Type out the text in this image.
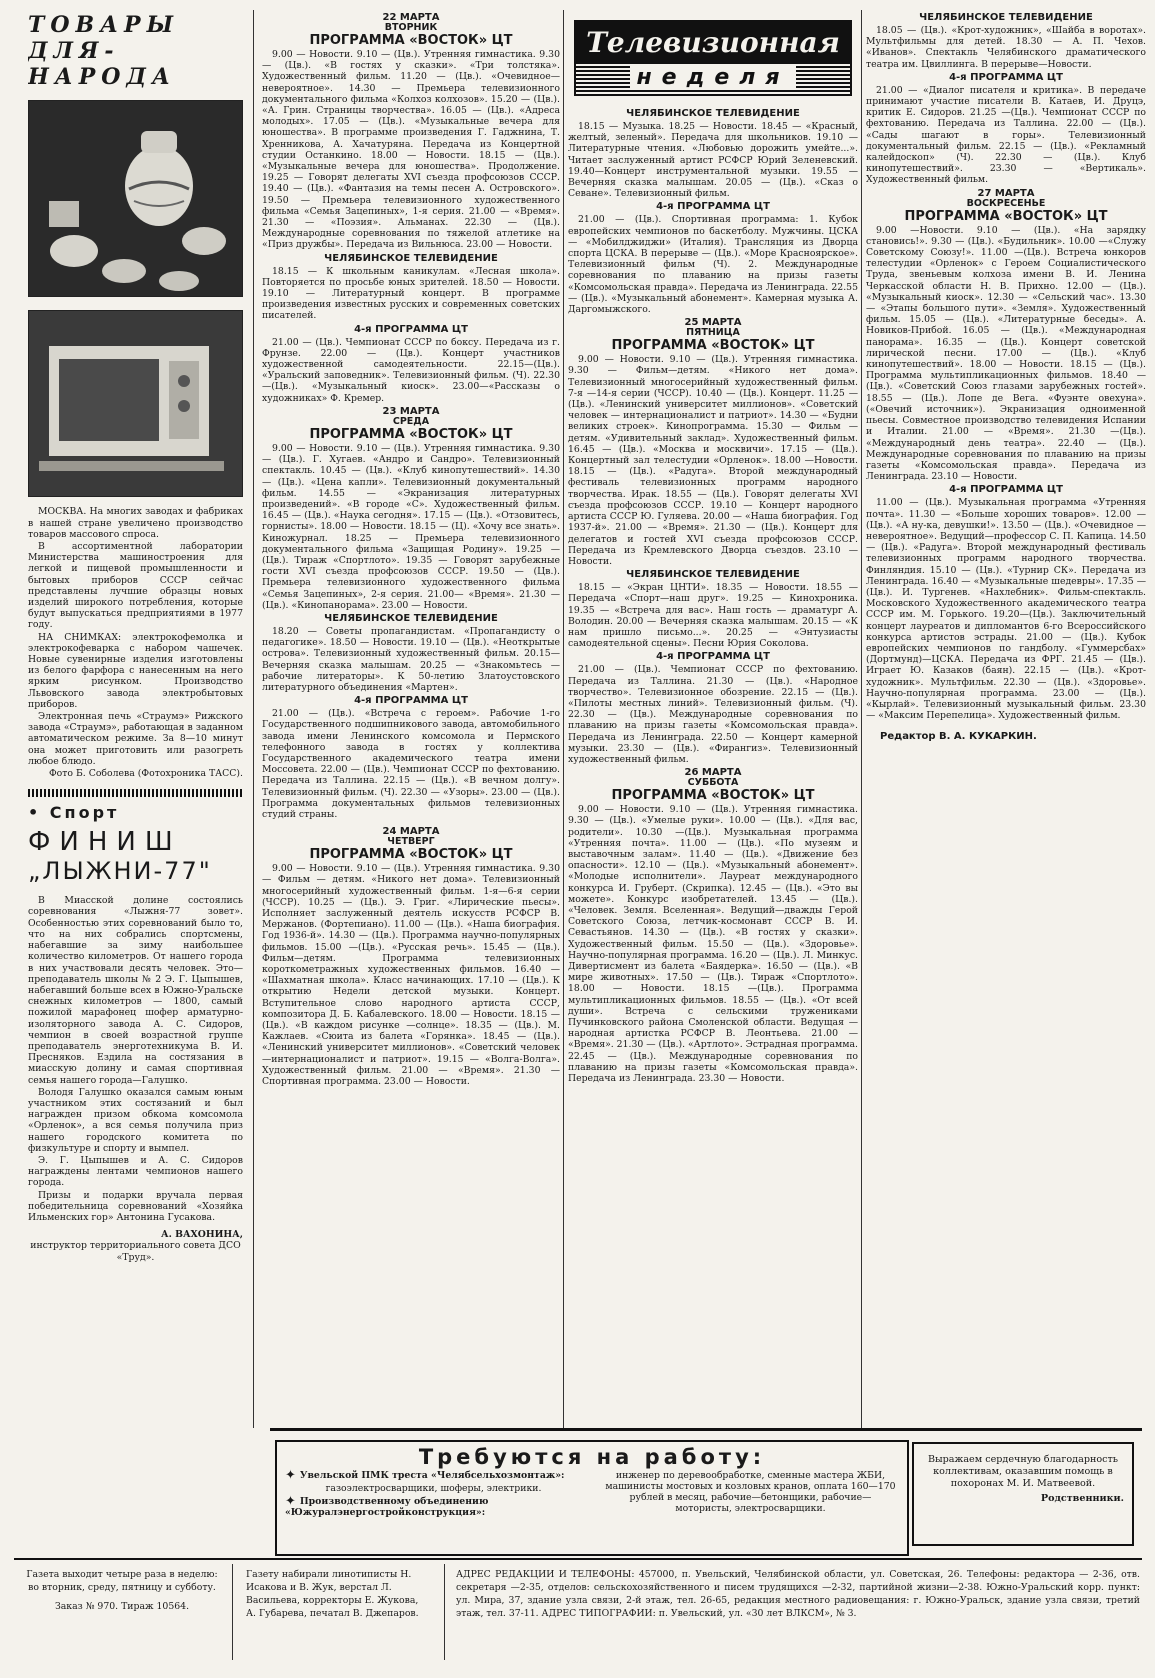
ТОВАРЫ
ДЛЯ- НАРОДА

МОСКВА. На многих заводах и фабриках в нашей стране увеличено производство товаров массового спроса.

В ассортиментной лаборатории Министерства машиностроения для легкой и пищевой промышленности и бытовых приборов СССР сейчас представлены лучшие образцы новых изделий широкого потребления, которые будут выпускаться предприятиями в 1977 году.

НА СНИМКАХ: электрокофемолка и электрокофеварка с набором чашечек. Новые сувенирные изделия изготовлены из белого фарфора с нанесенным на него ярким рисунком. Производство Львовского завода электробытовых приборов.

Электронная печь «Страумэ» Рижского завода «Страумэ», работающая в заданном автоматическом режиме. За 8—10 минут она может приготовить или разогреть любое блюдо.

Фото Б. Соболева (Фотохроника ТАСС).

• Спорт
ФИНИШ
„ЛЫЖНИ-77"

В Миасской долине состоялись соревнования «Лыжня-77 зовет». Особенностью этих соревнований было то, что на них собрались спортсмены, набегавшие за зиму наибольшее количество километров. От нашего города в них участвовали десять человек. Это—преподаватель школы № 2 Э. Г. Цыпышев, набегавший больше всех в Южно-Уральске снежных километров — 1800, самый пожилой марафонец шофер арматурно-изоляторного завода А. С. Сидоров, чемпион в своей возрастной группе преподаватель энерготехникума В. И. Пресняков. Ездила на состязания в миасскую долину и самая спортивная семья нашего города—Галушко.

Володя Галушко оказался самым юным участником этих состязаний и был награжден призом обкома комсомола «Орленок», а вся семья получила приз нашего городского комитета по физкультуре и спорту и вымпел.

Э. Г. Цыпышев и А. С. Сидоров награждены лентами чемпионов нашего города.

Призы и подарки вручала первая победительница соревнований «Хозяйка Ильменских гор» Антонина Гусакова.

А. ВАХОНИНА,
инструктор территориального совета ДСО «Труд».
22 МАРТА
ВТОРНИК
ПРОГРАММА «ВОСТОК» ЦТ

9.00 — Новости. 9.10 — (Цв.). Утренняя гимнастика. 9.30 — (Цв.). «В гостях у сказки». «Три толстяка». Художественный фильм. 11.20 — (Цв.). «Очевидное—невероятное». 14.30 — Премьера телевизионного документального фильма «Колхоз колхозов». 15.20 — (Цв.). «А. Грин. Страницы творчества». 16.05 — (Цв.). «Адреса молодых». 17.05 — (Цв.). «Музыкальные вечера для юношества». В программе произведения Г. Гаджнина, Т. Хренникова, А. Хачатуряна. Передача из Концертной студии Останкино. 18.00 — Новости. 18.15 — (Цв.). «Музыкальные вечера для юношества». Продолжение. 19.25 — Говорят делегаты XVI съезда профсоюзов СССР. 19.40 — (Цв.). «Фантазия на темы песен А. Островского». 19.50 — Премьера телевизионного художественного фильма «Семья Зацепиных», 1-я серия. 21.00 — «Время». 21.30 — «Поэзия». Альманах. 22.30 — (Цв.). Международные соревнования по тяжелой атлетике на «Приз дружбы». Передача из Вильнюса. 23.00 — Новости.

ЧЕЛЯБИНСКОЕ ТЕЛЕВИДЕНИЕ

18.15 — К школьным каникулам. «Лесная школа». Повторяется по просьбе юных зрителей. 18.50 — Новости. 19.10 — Литературный концерт. В программе произведения известных русских и современных советских писателей.

4-я ПРОГРАММА ЦТ

21.00 — (Цв.). Чемпионат СССР по боксу. Передача из г. Фрунзе. 22.00 — (Цв.). Концерт участников художественной самодеятельности. 22.15—(Цв.). «Уральский заповедник». Телевизионный фильм. (Ч). 22.30 —(Цв.). «Музыкальный киоск». 23.00—«Рассказы о художниках» Ф. Кремер.

23 МАРТА
СРЕДА
ПРОГРАММА «ВОСТОК» ЦТ

9.00 — Новости. 9.10 — (Цв.). Утренняя гимнастика. 9.30 — (Цв.). Г. Хугаев. «Андро и Сандро». Телевизионный спектакль. 10.45 — (Цв.). «Клуб кинопутешествий». 14.30 — (Цв.). «Цена капли». Телевизионный документальный фильм. 14.55 — «Экранизация литературных произведений». «В городе «С». Художественный фильм. 16.45 — (Цв.). «Наука сегодня». 17.15 — (Цв.). «Отзовитесь, горнисты». 18.00 — Новости. 18.15 — (Ц). «Хочу все знать». Киножурнал. 18.25 — Премьера телевизионного документального фильма «Защищая Родину». 19.25 — (Цв.). Тираж «Спортлото». 19.35 — Говорят зарубежные гости XVI съезда профсоюзов СССР. 19.50 — (Цв.). Премьера телевизионного художественного фильма «Семья Зацепиных», 2-я серия. 21.00— «Время». 21.30 — (Цв.). «Кинопанорама». 23.00 — Новости.

ЧЕЛЯБИНСКОЕ ТЕЛЕВИДЕНИЕ

18.20 — Советы пропагандистам. «Пропагандисту о педагогике». 18.50 — Новости. 19.10 — (Цв.). «Неоткрытые острова». Телевизионный художественный фильм. 20.15— Вечерняя сказка малышам. 20.25 — «Знакомьтесь — рабочие литераторы». К 50-летию Златоустовского литературного объединения «Мартен».

4-я ПРОГРАММА ЦТ

21.00 — (Цв.). «Встреча с героем». Рабочие 1-го Государственного подшипникового завода, автомобильного завода имени Ленинского комсомола и Пермского телефонного завода в гостях у коллектива Государственного академического театра имени Моссовета. 22.00 — (Цв.). Чемпионат СССР по фехтованию. Передача из Таллина. 22.15 — (Цв.). «В вечном долгу». Телевизионный фильм. (Ч). 22.30 — «Узоры». 23.00 — (Цв.). Программа документальных фильмов телевизионных студий страны.

24 МАРТА
ЧЕТВЕРГ
ПРОГРАММА «ВОСТОК» ЦТ

9.00 — Новости. 9.10 — (Цв.). Утренняя гимнастика. 9.30 — Фильм — детям. «Никого нет дома». Телевизионный многосерийный художественный фильм. 1-я—6-я серии (ЧССР). 10.25 — (Цв.). Э. Григ. «Лирические пьесы». Исполняет заслуженный деятель искусств РСФСР В. Мержанов. (Фортепиано). 11.00 — (Цв.). «Наша биография. Год 1936-й». 14.30 — (Цв.). Программа научно-популярных фильмов. 15.00 —(Цв.). «Русская речь». 15.45 — (Цв.). Фильм—детям. Программа телевизионных короткометражных художественных фильмов. 16.40 — «Шахматная школа». Класс начинающих. 17.10 — (Цв.). К открытию Недели детской музыки. Концерт. Вступительное слово народного артиста СССР, композитора Д. Б. Кабалевского. 18.00 — Новости. 18.15 — (Цв.). «В каждом рисунке —солнце». 18.35 — (Цв.). М. Кажлаев. «Сюита из балета «Горянка». 18.45 — (Цв.). «Ленинский университет миллионов». «Советский человек—интернационалист и патриот». 19.15 — «Волга-Волга». Художественный фильм. 21.00 — «Время». 21.30 — Спортивная программа. 23.00 — Новости.

Телевизионная
неделя
ЧЕЛЯБИНСКОЕ ТЕЛЕВИДЕНИЕ

18.15 — Музыка. 18.25 — Новости. 18.45 — «Красный, желтый, зеленый». Передача для школьников. 19.10 — Литературные чтения. «Любовью дорожить умейте...». Читает заслуженный артист РСФСР Юрий Зеленевский. 19.40—Концерт инструментальной музыки. 19.55 — Вечерняя сказка малышам. 20.05 — (Цв.). «Сказ о Севане». Телевизионный фильм.

4-я ПРОГРАММА ЦТ

21.00 — (Цв.). Спортивная программа: 1. Кубок европейских чемпионов по баскетболу. Мужчины. ЦСКА — «Мобилджиджи» (Италия). Трансляция из Дворца спорта ЦСКА. В перерыве — (Цв.). «Море Красноярское». Телевизионный фильм (Ч). 2. Международные соревнования по плаванию на призы газеты «Комсомольская правда». Передача из Ленинграда. 22.55 — (Цв.). «Музыкальный абонемент». Камерная музыка А. Даргомыжского.

25 МАРТА
ПЯТНИЦА
ПРОГРАММА «ВОСТОК» ЦТ

9.00 — Новости. 9.10 — (Цв.). Утренняя гимнастика. 9.30 — Фильм—детям. «Никого нет дома». Телевизионный многосерийный художественный фильм. 7-я —14-я серии (ЧССР). 10.40 — (Цв.). Концерт. 11.25 —(Цв.). «Ленинский университет миллионов». «Советский человек — интернационалист и патриот». 14.30 — «Будни великих строек». Кинопрограмма. 15.30 — Фильм — детям. «Удивительный заклад». Художественный фильм. 16.45 — (Цв.). «Москва и москвичи». 17.15 — (Цв.). Концертный зал телестудии «Орленок». 18.00 —Новости. 18.15 — (Цв.). «Радуга». Второй международный фестиваль телевизионных программ народного творчества. Ирак. 18.55 — (Цв.). Говорят делегаты XVI съезда профсоюзов СССР. 19.10 — Концерт народного артиста СССР Ю. Гуляева. 20.00 — «Наша биография. Год 1937-й». 21.00 — «Время». 21.30 — (Цв.). Концерт для делегатов и гостей XVI съезда профсоюзов СССР. Передача из Кремлевского Дворца съездов. 23.10 — Новости.

ЧЕЛЯБИНСКОЕ ТЕЛЕВИДЕНИЕ

18.15 — «Экран ЦНТИ». 18.35 — Новости. 18.55 — Передача «Спорт—наш друг». 19.25 — Кинохроника. 19.35 — «Встреча для вас». Наш гость — драматург А. Володин. 20.00 — Вечерняя сказка малышам. 20.15 — «К нам пришло письмо...». 20.25 — «Энтузиасты самодеятельной сцены». Песни Юрия Соколова.

4-я ПРОГРАММА ЦТ

21.00 — (Цв.). Чемпионат СССР по фехтованию. Передача из Таллина. 21.30 — (Цв.). «Народное творчество». Телевизионное обозрение. 22.15 — (Цв.). «Пилоты местных линий». Телевизионный фильм. (Ч). 22.30 — (Цв.). Международные соревнования по плаванию на призы газеты «Комсомольская правда». Передача из Ленинграда. 22.50 — Концерт камерной музыки. 23.30 — (Цв.). «Фирангиз». Телевизионный художественный фильм.

26 МАРТА
СУББОТА
ПРОГРАММА «ВОСТОК» ЦТ

9.00 — Новости. 9.10 — (Цв.). Утренняя гимнастика. 9.30 — (Цв.). «Умелые руки». 10.00 — (Цв.). «Для вас, родители». 10.30 —(Цв.). Музыкальная программа «Утренняя почта». 11.00 — (Цв.). «По музеям и выставочным залам». 11.40 — (Цв.). «Движение без опасности». 12.10 — (Цв.). «Музыкальный абонемент». «Молодые исполнители». Лауреат международного конкурса И. Груберт. (Скрипка). 12.45 — (Цв.). «Это вы можете». Конкурс изобретателей. 13.45 — (Цв.). «Человек. Земля. Вселенная». Ведущий—дважды Герой Советского Союза, летчик-космонавт СССР В. И. Севастьянов. 14.30 — (Цв.). «В гостях у сказки». Художественный фильм. 15.50 — (Цв.). «Здоровье». Научно-популярная программа. 16.20 — (Цв.). Л. Минкус. Дивертисмент из балета «Баядерка». 16.50 — (Цв.). «В мире животных». 17.50 — (Цв.). Тираж «Спортлото». 18.00 — Новости. 18.15 —(Цв.). Программа мультипликационных фильмов. 18.55 — (Цв.). «От всей души». Встреча с сельскими тружениками Пучинковского района Смоленской области. Ведущая —народная артистка РСФСР В. Леонтьева. 21.00 — «Время». 21.30 — (Цв.). «Артлото». Эстрадная программа. 22.45 — (Цв.). Международные соревнования по плаванию на призы газеты «Комсомольская правда». Передача из Ленинграда. 23.30 — Новости.

ЧЕЛЯБИНСКОЕ ТЕЛЕВИДЕНИЕ

18.05 — (Цв.). «Крот-художник», «Шайба в воротах». Мультфильмы для детей. 18.30 — А. П. Чехов. «Иванов». Спектакль Челябинского драматического театра им. Цвиллинга. В перерыве—Новости.

4-я ПРОГРАММА ЦТ

21.00 — «Диалог писателя и критика». В передаче принимают участие писатели В. Катаев, И. Друцэ, критик Е. Сидоров. 21.25 —(Цв.). Чемпионат СССР по фехтованию. Передача из Таллина. 22.00 — (Цв.). «Сады шагают в горы». Телевизионный документальный фильм. 22.15 — (Цв.). «Рекламный калейдоскоп» (Ч). 22.30 — (Цв.). Клуб кинопутешествий». 23.30 — «Вертикаль». Художественный фильм.

27 МАРТА
ВОСКРЕСЕНЬЕ
ПРОГРАММА «ВОСТОК» ЦТ

9.00 —Новости. 9.10 — (Цв.). «На зарядку становись!». 9.30 — (Цв.). «Будильник». 10.00 —«Служу Советскому Союзу!». 11.00 —(Цв.). Встреча юнкоров телестудии «Орленок» с Героем Социалистического Труда, звеньевым колхоза имени В. И. Ленина Черкасской области Н. В. Прихно. 12.00 — (Цв.). «Музыкальный киоск». 12.30 — «Сельский час». 13.30 — «Этапы большого пути». «Земля». Художественный фильм. 15.05 — (Цв.). «Литературные беседы». А. Новиков-Прибой. 16.05 — (Цв.). «Международная панорама». 16.35 — (Цв.). Концерт советской лирической песни. 17.00 — (Цв.). «Клуб кинопутешествий». 18.00 — Новости. 18.15 — (Цв.). Программа мультипликационных фильмов. 18.40 — (Цв.). «Советский Союз глазами зарубежных гостей». 18.55 — (Цв.). Лопе де Вега. «Фуэнте овехуна». («Овечий источник»). Экранизация одноименной пьесы. Совместное производство телевидения Испании и Италии. 21.00 — «Время». 21.30 —(Цв.). «Международный день театра». 22.40 — (Цв.). Международные соревнования по плаванию на призы газеты «Комсомольская правда». Передача из Ленинграда. 23.10 — Новости.

4-я ПРОГРАММА ЦТ

11.00 — (Цв.). Музыкальная программа «Утренняя почта». 11.30 — «Больше хороших товаров». 12.00 — (Цв.). «А ну-ка, девушки!». 13.50 — (Цв.). «Очевидное — невероятное». Ведущий—профессор С. П. Капица. 14.50 — (Цв.). «Радуга». Второй международный фестиваль телевизионных программ народного творчества. Финляндия. 15.10 — (Цв.). «Турнир СК». Передача из Ленинграда. 16.40 — «Музыкальные шедевры». 17.35 — (Цв.). И. Тургенев. «Нахлебник». Фильм-спектакль. Московского Художественного академического театра СССР им. М. Горького. 19.20—(Цв.). Заключительный концерт лауреатов и дипломантов 6-го Всероссийского конкурса артистов эстрады. 21.00 — (Цв.). Кубок европейских чемпионов по гандболу. «Гуммерсбах» (Дортмунд)—ЦСКА. Передача из ФРГ. 21.45 — (Цв.). Играет Ю. Казаков (баян). 22.15 — (Цв.). «Крот-художник». Мультфильм. 22.30 — (Цв.). «Здоровье». Научно-популярная программа. 23.00 — (Цв.). «Кырлай». Телевизионный музыкальный фильм. 23.30 — «Максим Перепелица». Художественный фильм.

Редактор В. А. КУКАРКИН.
Требуются на работу:
✦ Увельской ПМК треста «Челябсельхозмонтаж»:
газоэлектросварщики, шоферы, электрики.
✦ Производственному объединению «Южуралэнергостройконструкция»:
инженер по деревообработке, сменные мастера ЖБИ, машинисты мостовых и козловых кранов, оплата 160—170 рублей в месяц, рабочие—бетонщики, рабочие—мотористы, электросварщики.
Выражаем сердечную благодарность коллективам, оказавшим помощь в похоронах М. И. Матвеевой.
Родственники.
Газета выходит четыре раза в неделю: во вторник, среду, пятницу и субботу.
Заказ № 970. Тираж 10564.
Газету набирали линотиписты Н. Исакова и В. Жук, верстал Л. Васильева, корректоры Е. Жукова, А. Губарева, печатал В. Джепаров.
АДРЕС РЕДАКЦИИ И ТЕЛЕФОНЫ: 457000, п. Увельский, Челябинской области, ул. Советская, 26. Телефоны: редактора — 2-36, отв. секретаря —2-35, отделов: сельскохозяйственного и писем трудящихся —2-32, партийной жизни—2-38. Южно-Уральский корр. пункт: ул. Мира, 37, здание узла связи, 2-й этаж, тел. 26-65, редакция местного радиовещания: г. Южно-Уральск, здание узла связи, третий этаж, тел. 37-11. АДРЕС ТИПОГРАФИИ: п. Увельский, ул. «30 лет ВЛКСМ», № 3.
